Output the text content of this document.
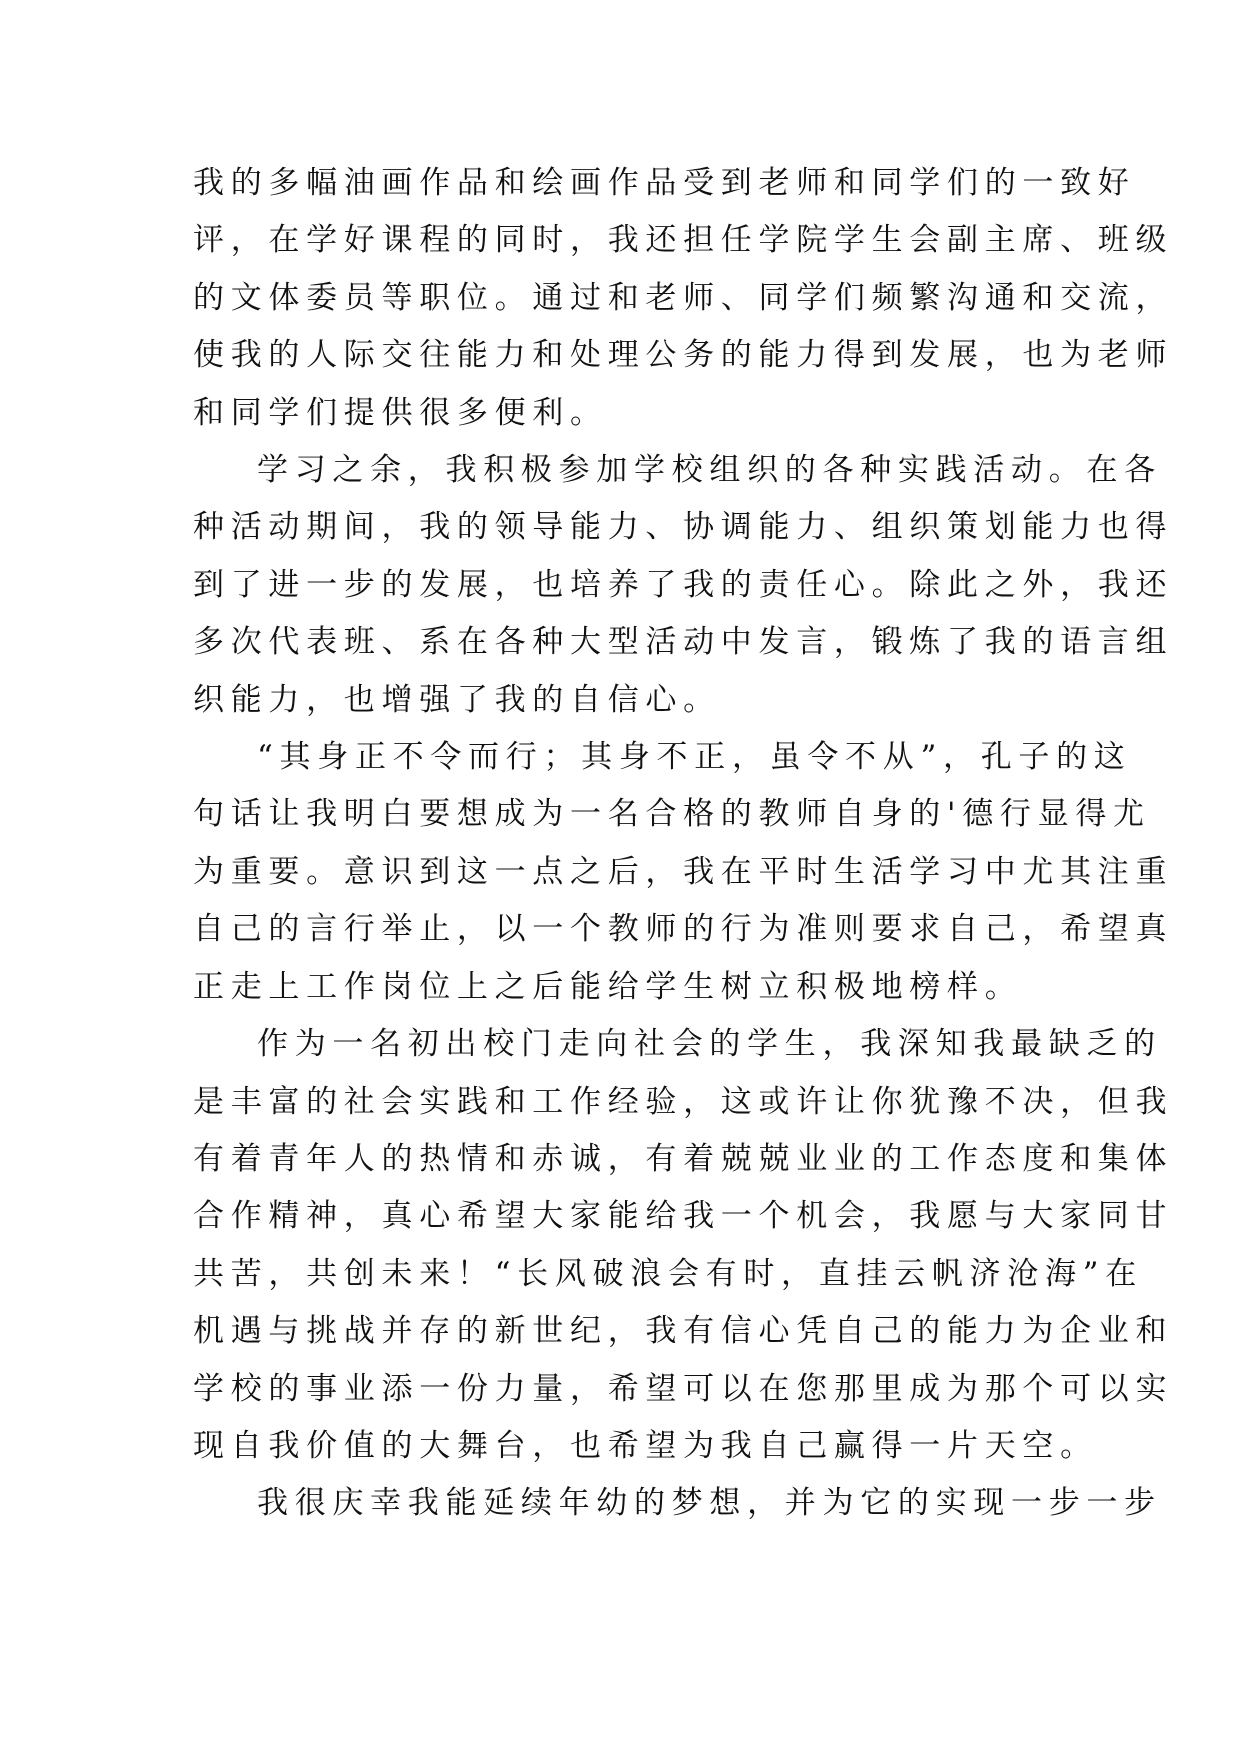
我的多幅油画作品和绘画作品受到老师和同学们的一致好
评，在学好课程的同时，我还担任学院学生会副主席、班级
的文体委员等职位。通过和老师、同学们频繁沟通和交流，
使我的人际交往能力和处理公务的能力得到发展，也为老师
和同学们提供很多便利。

学习之余，我积极参加学校组织的各种实践活动。在各
种活动期间，我的领导能力、协调能力、组织策划能力也得
到了进一步的发展，也培养了我的责任心。除此之外，我还
多次代表班、系在各种大型活动中发言，锻炼了我的语言组
织能力，也增强了我的自信心。

“其身正不令而行；其身不正，虽令不从”，孔子的这
句话让我明白要想成为一名合格的教师自身的'德行显得尤
为重要。意识到这一点之后，我在平时生活学习中尤其注重
自己的言行举止，以一个教师的行为准则要求自己，希望真
正走上工作岗位上之后能给学生树立积极地榜样。

作为一名初出校门走向社会的学生，我深知我最缺乏的
是丰富的社会实践和工作经验，这或许让你犹豫不决，但我
有着青年人的热情和赤诚，有着兢兢业业的工作态度和集体
合作精神，真心希望大家能给我一个机会，我愿与大家同甘
共苦，共创未来！“长风破浪会有时，直挂云帆济沧海”在
机遇与挑战并存的新世纪，我有信心凭自己的能力为企业和
学校的事业添一份力量，希望可以在您那里成为那个可以实
现自我价值的大舞台，也希望为我自己赢得一片天空。

我很庆幸我能延续年幼的梦想，并为它的实现一步一步
